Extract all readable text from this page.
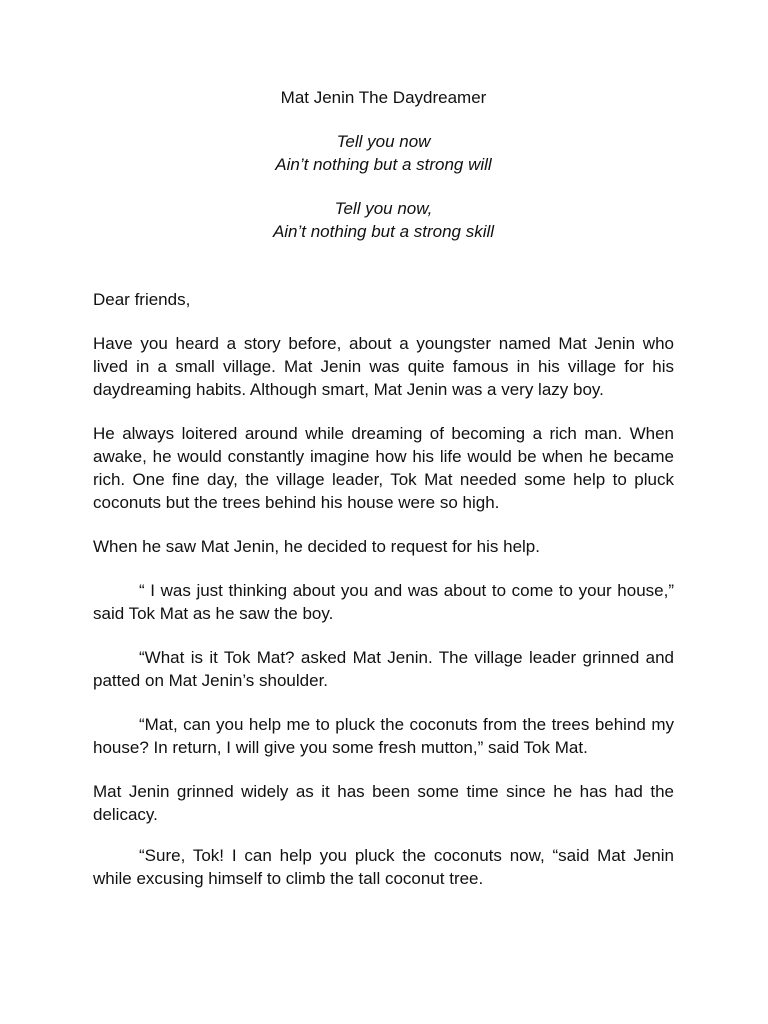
Mat Jenin The Daydreamer
Tell you now
Ain’t nothing but a strong will
Tell you now,
Ain’t nothing but a strong skill
Dear friends,

Have you heard a story before, about a youngster named Mat Jenin who lived in a small village. Mat Jenin was quite famous in his village for his daydreaming habits. Although smart, Mat Jenin was a very lazy boy.

He always loitered around while dreaming of becoming a rich man. When awake, he would constantly imagine how his life would be when he became rich. One fine day, the village leader, Tok Mat needed some help to pluck coconuts but the trees behind his house were so high.

When he saw Mat Jenin, he decided to request for his help.

“ I was just thinking about you and was about to come to your house,” said Tok Mat as he saw the boy.

“What is it Tok Mat? asked Mat Jenin. The village leader grinned and patted on Mat Jenin’s shoulder.

“Mat, can you help me to pluck the coconuts from the trees behind my house? In return, I will give you some fresh mutton,” said Tok Mat.

Mat Jenin grinned widely as it has been some time since he has had the delicacy.

“Sure, Tok! I can help you pluck the coconuts now, “said Mat Jenin while excusing himself to climb the tall coconut tree.
